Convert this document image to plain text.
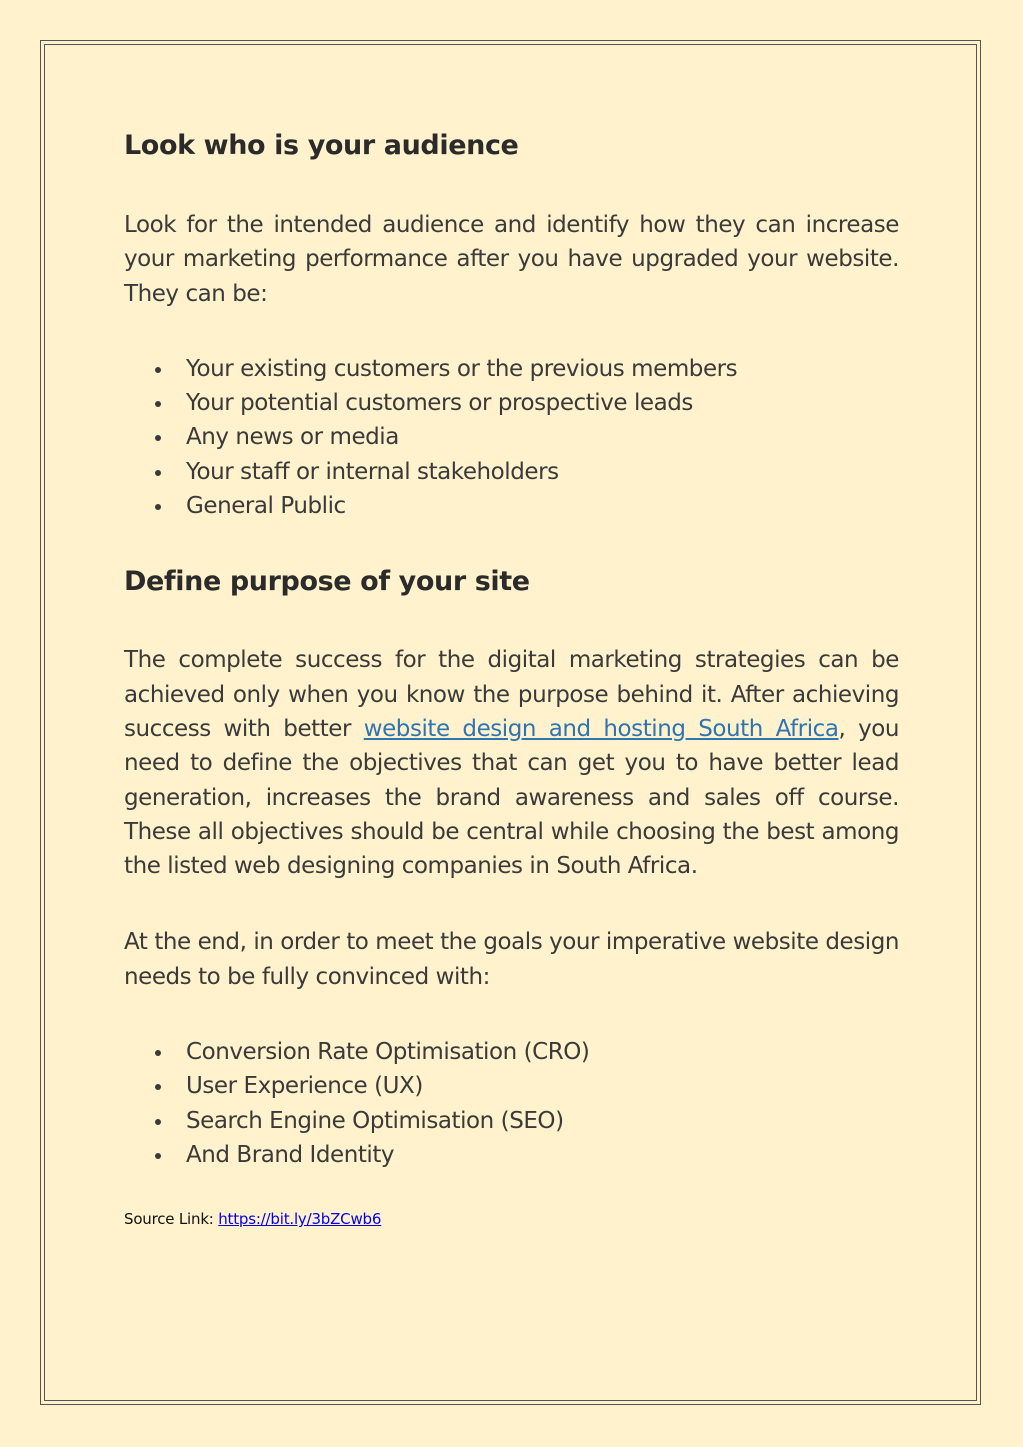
Look who is your audience

Look for the intended audience and identify how they can increase your marketing performance after you have upgraded your website. They can be:

Your existing customers or the previous members
Your potential customers or prospective leads
Any news or media
Your staff or internal stakeholders
General Public
Define purpose of your site

The complete success for the digital marketing strategies can be achieved only when you know the purpose behind it. After achieving success with better website design and hosting South Africa, you need to define the objectives that can get you to have better lead generation, increases the brand awareness and sales off course. These all objectives should be central while choosing the best among the listed web designing companies in South Africa.

At the end, in order to meet the goals your imperative website design needs to be fully convinced with:

Conversion Rate Optimisation (CRO)
User Experience (UX)
Search Engine Optimisation (SEO)
And Brand Identity
Source Link: https://bit.ly/3bZCwb6
